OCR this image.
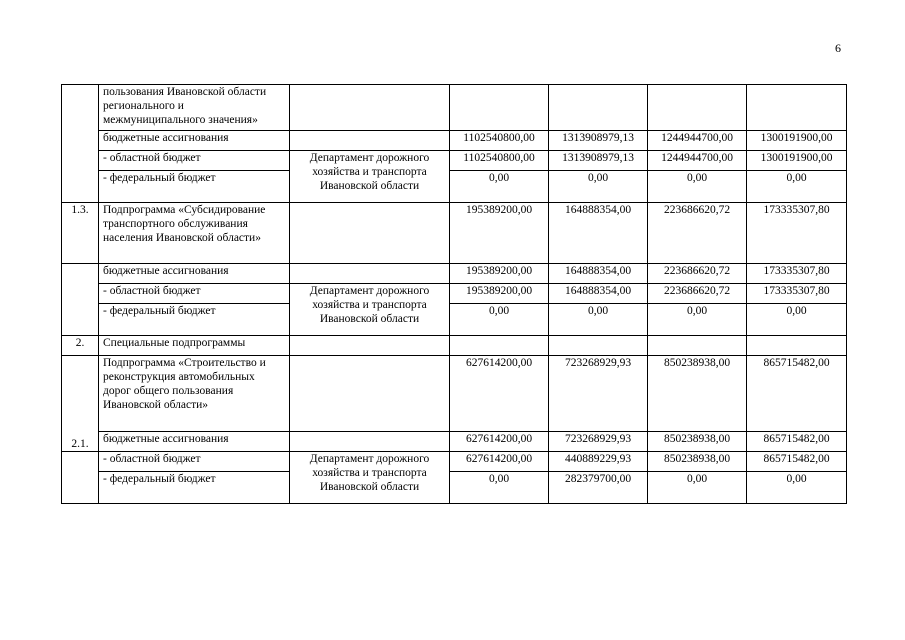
6
	пользования Ивановской области регионального и межмуниципального значения»					
	бюджетные ассигнования		1102540800,00	1313908979,13	1244944700,00	1300191900,00
	- областной бюджет	Департамент дорожного хозяйства и транспорта Ивановской области	1102540800,00	1313908979,13	1244944700,00	1300191900,00
	- федеральный бюджет		0,00	0,00	0,00	0,00
1.3.	Подпрограмма «Субсидирование транспортного обслуживания населения Ивановской области»		195389200,00	164888354,00	223686620,72	173335307,80
	бюджетные ассигнования		195389200,00	164888354,00	223686620,72	173335307,80
	- областной бюджет	Департамент дорожного хозяйства и транспорта Ивановской области	195389200,00	164888354,00	223686620,72	173335307,80
	- федеральный бюджет		0,00	0,00	0,00	0,00
2.	Специальные подпрограммы					
2.1.	Подпрограмма «Строительство и реконструкция автомобильных дорог общего пользования Ивановской области»		627614200,00	723268929,93	850238938,00	865715482,00
	бюджетные ассигнования		627614200,00	723268929,93	850238938,00	865715482,00
	- областной бюджет	Департамент дорожного хозяйства и транспорта Ивановской области	627614200,00	440889229,93	850238938,00	865715482,00
	- федеральный бюджет		0,00	282379700,00	0,00	0,00
